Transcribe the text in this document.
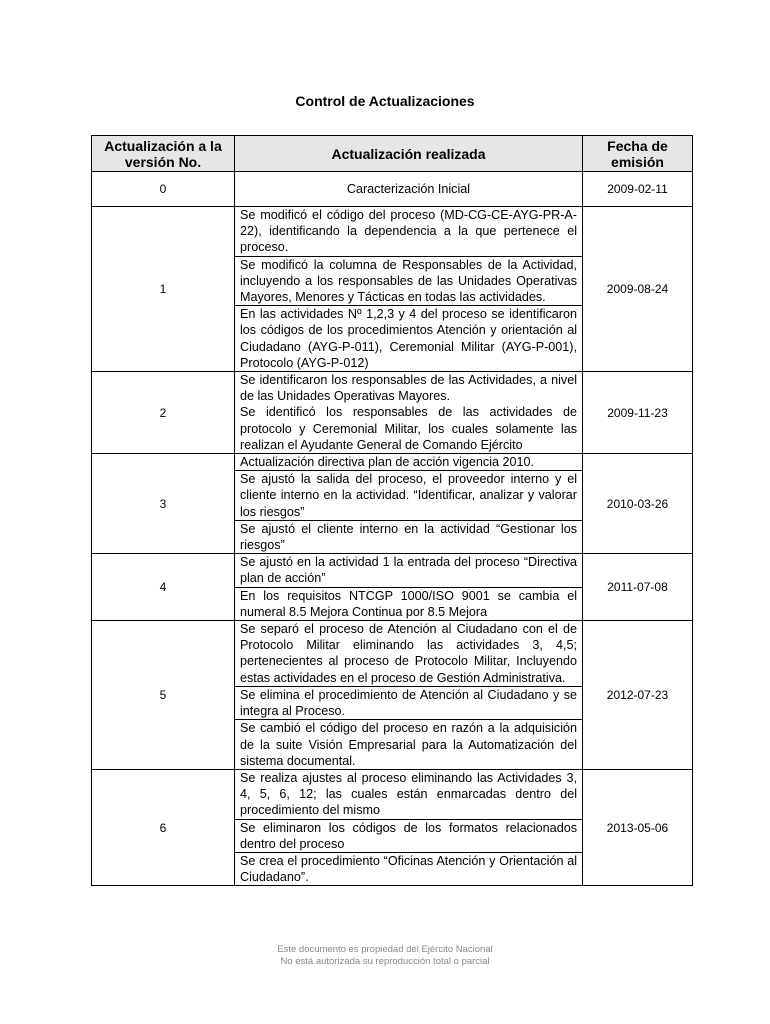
Control de Actualizaciones
Actualización a la versión No.	Actualización realizada	Fecha de emisión
0	Caracterización Inicial	2009-02-11
1	Se modificó el código del proceso (MD-CG-CE-AYG-PR-A-22), identificando la dependencia a la que pertenece el proceso.
Se modificó la columna de Responsables de la Actividad, incluyendo a los responsables de las Unidades Operativas Mayores, Menores y Tácticas en todas las actividades.
En las actividades Nº 1,2,3 y 4 del proceso se identificaron los códigos de los procedimientos Atención y orientación al Ciudadano (AYG-P-011), Ceremonial Militar (AYG-P-001), Protocolo (AYG-P-012)	2009-08-24
2	Se identificaron los responsables de las Actividades, a nivel de las Unidades Operativas Mayores.
Se identificó los responsables de las actividades de protocolo y Ceremonial Militar, los cuales solamente las realizan el Ayudante General de Comando Ejército	2009-11-23
3	Actualización directiva plan de acción vigencia 2010.
Se ajustó la salida del proceso, el proveedor interno y el cliente interno en la actividad. “Identificar, analizar y valorar los riesgos”
Se ajustó el cliente interno en la actividad “Gestionar los riesgos”	2010-03-26
4	Se ajustó en la actividad 1 la entrada del proceso “Directiva plan de acción”
En los requisitos NTCGP 1000/ISO 9001 se cambia el numeral 8.5 Mejora Continua por 8.5 Mejora	2011-07-08
5	Se separó el proceso de Atención al Ciudadano con el de Protocolo Militar eliminando las actividades 3, 4,5; pertenecientes al proceso de Protocolo Militar, Incluyendo estas actividades en el proceso de Gestión Administrativa.
Se elimina el procedimiento de Atención al Ciudadano y se integra al Proceso.
Se cambió el código del proceso en razón a la adquisición de la suite Visión Empresarial para la Automatización del sistema documental.	2012-07-23
6	Se realiza ajustes al proceso eliminando las Actividades 3, 4, 5, 6, 12; las cuales están enmarcadas dentro del procedimiento del mismo
Se eliminaron los códigos de los formatos relacionados dentro del proceso
Se crea el procedimiento “Oficinas Atención y Orientación al Ciudadano”.	2013-05-06
Este documento es propiedad del Ejército Nacional
No está autorizada su reproducción total o parcial
